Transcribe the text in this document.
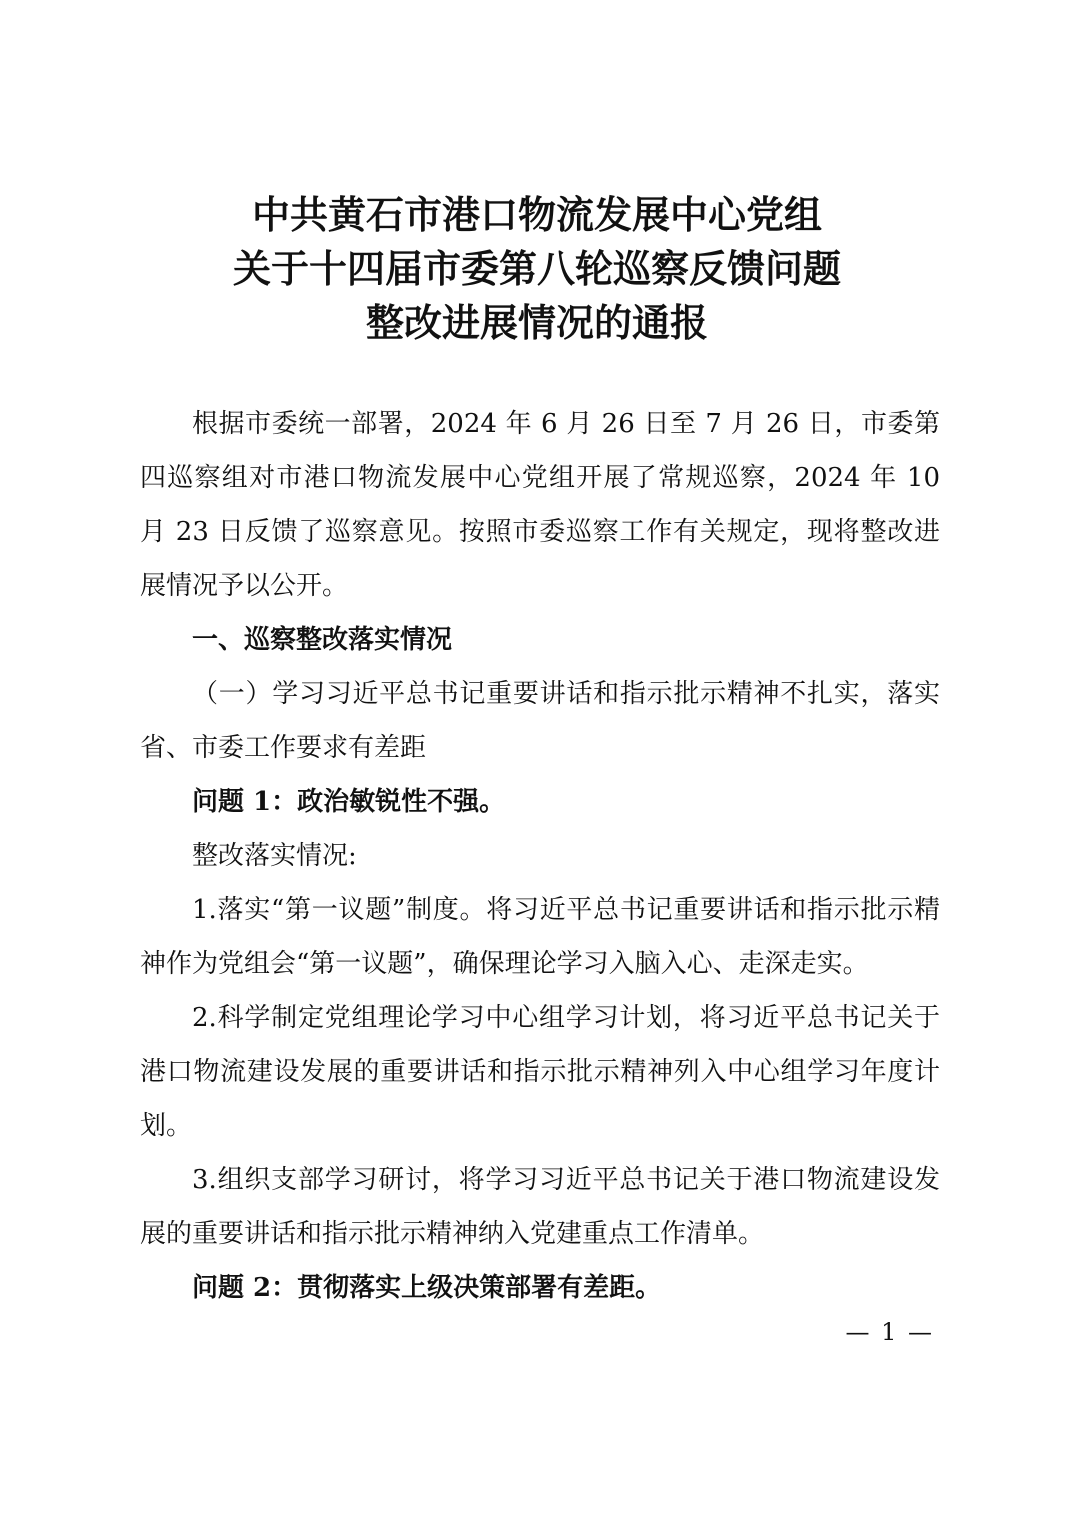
中共黄石市港口物流发展中心党组
关于十四届市委第八轮巡察反馈问题
整改进展情况的通报

根据市委统一部署，2024 年 6 月 26 日至 7 月 26 日，市委第四巡察组对市港口物流发展中心党组开展了常规巡察，2024 年 10 月 23 日反馈了巡察意见。按照市委巡察工作有关规定，现将整改进展情况予以公开。

一、巡察整改落实情况

（一）学习习近平总书记重要讲话和指示批示精神不扎实，落实省、市委工作要求有差距

问题 1：政治敏锐性不强。

整改落实情况:

1.落实“第一议题”制度。将习近平总书记重要讲话和指示批示精神作为党组会“第一议题”，确保理论学习入脑入心、走深走实。

2.科学制定党组理论学习中心组学习计划，将习近平总书记关于港口物流建设发展的重要讲话和指示批示精神列入中心组学习年度计划。

3.组织支部学习研讨，将学习习近平总书记关于港口物流建设发展的重要讲话和指示批示精神纳入党建重点工作清单。

问题 2：贯彻落实上级决策部署有差距。

— 1 —
